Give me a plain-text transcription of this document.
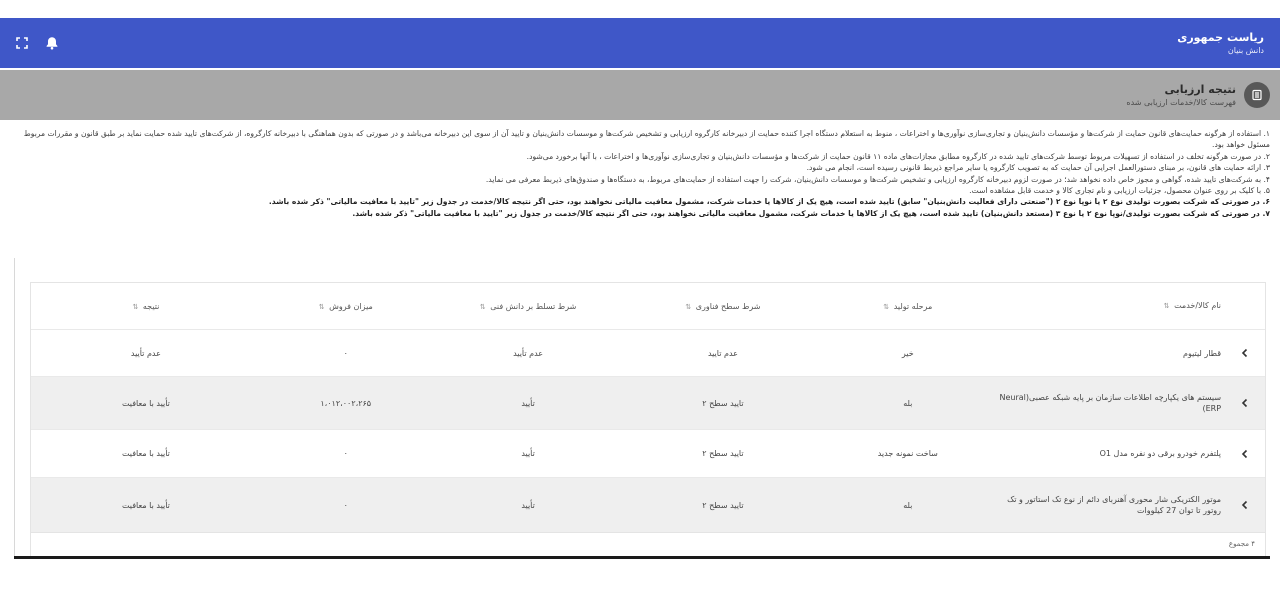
ریاست جمهوری
دانش بنیان
نتیجه ارزیابی
فهرست کالا/خدمات ارزیابی شده
۱. استفاده از هرگونه حمایت‌های قانون حمایت از شرکت‌ها و مؤسسات دانش‌بنیان و تجاری‌سازی نوآوری‌ها و اختراعات ، منوط به استعلام دستگاه اجرا کننده حمایت از دبیرخانه کارگروه ارزیابی و تشخیص شرکت‌ها و موسسات دانش‌بنیان و تایید آن از سوی این دبیرخانه می‌باشد و در صورتی که بدون هماهنگی با دبیرخانه کارگروه، از شرکت‌های تایید شده حمایت نماید بر طبق قانون و مقررات مربوط مسئول خواهد بود.
۲. در صورت هرگونه تخلف در استفاده از تسهیلات مربوط توسط شرکت‌های تایید شده در کارگروه مطابق مجازات‌های ماده ۱۱ قانون حمایت از شرکت‌ها و مؤسسات دانش‌بنیان و تجاری‌سازی نوآوری‌ها و اختراعات ، با آنها برخورد می‌شود.
۳. ارائه حمایت های قانون، بر مبنای دستورالعمل اجرایی آن حمایت که به تصویب کارگروه یا سایر مراجع ذیربط قانونی رسیده است، انجام می شود.
۴. به شرکت‌های تایید شده، گواهی و مجوز خاص داده نخواهد شد؛ در صورت لزوم دبیرخانه کارگروه ارزیابی و تشخیص شرکت‌ها و موسسات دانش‌بنیان، شرکت را جهت استفاده از حمایت‌های مربوط، به دستگاه‌ها و صندوق‌های ذیربط معرفی می نماید.
۵. با کلیک بر روی عنوان محصول، جزئیات ارزیابی و نام تجاری کالا و خدمت قابل مشاهده است.
۶. در صورتی که شرکت بصورت تولیدی نوع ۲ یا نوپا نوع ۲ ("صنعتی دارای فعالیت دانش‌بنیان" سابق) تایید شده است، هیچ یک از کالاها یا خدمات شرکت، مشمول معافیت مالیاتی نخواهند بود، حتی اگر نتیجه کالا/خدمت در جدول زیر "تایید با معافیت مالیاتی" ذکر شده باشد.
۷. در صورتی که شرکت بصورت تولیدی/نوپا نوع ۲ یا نوع ۳ (مستعد دانش‌بنیان) تایید شده است، هیچ یک از کالاها یا خدمات شرکت، مشمول معافیت مالیاتی نخواهند بود، حتی اگر نتیجه کالا/خدمت در جدول زیر "تایید با معافیت مالیاتی" ذکر شده باشد.
نام کالا/خدمت ⇅
مرحله تولید ⇅
شرط سطح فناوری ⇅
شرط تسلط بر دانش فنی ⇅
میزان فروش ⇅
نتیجه ⇅
قطار لیتیوم
خیر
عدم تایید
عدم تأیید
۰
عدم تأیید
سیستم های یکپارچه اطلاعات سازمان بر پایه شبکه عصبی(Neural ERP)
بله
تایید سطح ۲
تأیید
۱،۰۱۲،۰۰۲،۲۶۵
تأیید با معافیت
پلتفرم خودرو برقی دو نفره مدل O1
ساخت نمونه جدید
تایید سطح ۲
تأیید
۰
تأیید با معافیت
موتور الکتریکی شار محوری آهنربای دائم از نوع تک استاتور و تک روتور تا توان 27 کیلووات
بله
تایید سطح ۲
تأیید
۰
تأیید با معافیت
۴ مجموع
